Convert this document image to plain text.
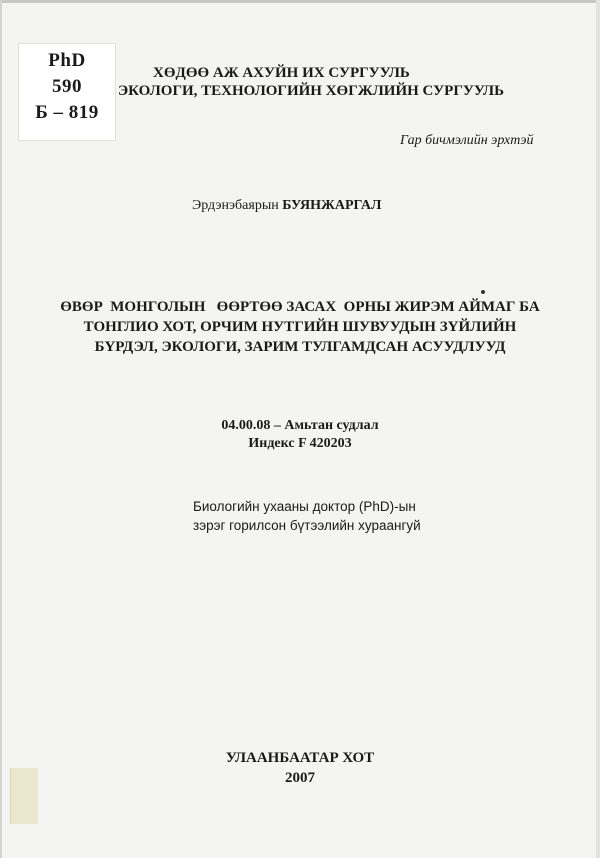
PhD
590
Б – 819
ХӨДӨӨ АЖ АХУЙН ИХ СУРГУУЛЬ
ЭКОЛОГИ, ТЕХНОЛОГИЙН ХӨГЖЛИЙН СУРГУУЛЬ
Гар бичмэлийн эрхтэй
Эрдэнэбаярын БУЯНЖАРГАЛ
ӨВӨР  МОНГОЛЫН   ӨӨРТӨӨ ЗАСАХ  ОРНЫ ЖИРЭМ АЙМАГ БА
ТОНГЛИО ХОТ, ОРЧИМ НУТГИЙН ШУВУУДЫН ЗҮЙЛИЙН
БҮРДЭЛ, ЭКОЛОГИ, ЗАРИМ ТУЛГАМДСАН АСУУДЛУУД
04.00.08 – Амьтан судлал
Индекс F 420203
Биологийн ухааны доктор (PhD)-ын
зэрэг горилсон бүтээлийн хураангуй
УЛААНБААТАР ХОТ
2007
